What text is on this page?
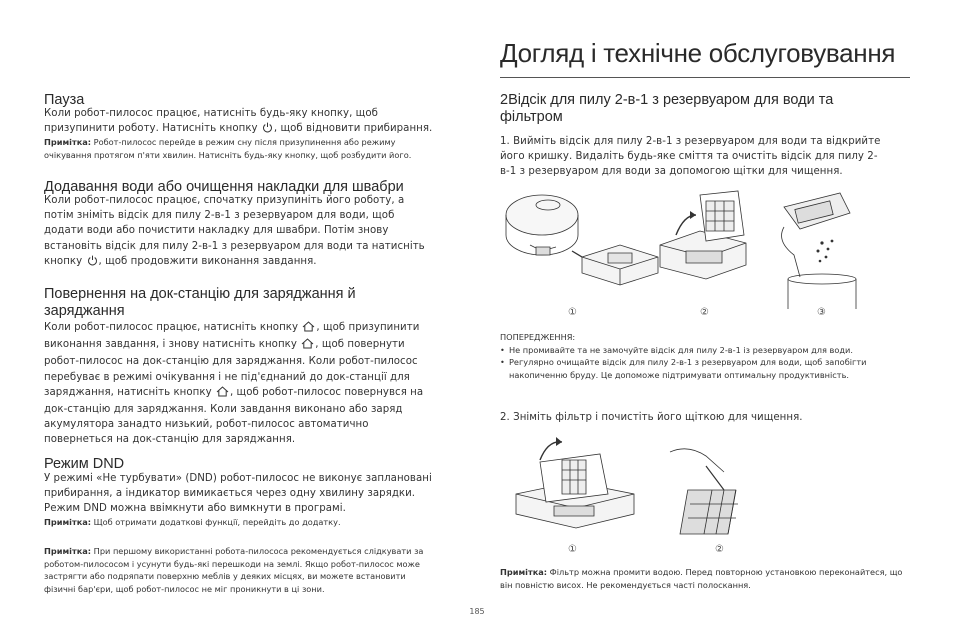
Догляд і технічне обслуговування
Пауза
Коли робот-пилосос працює, натисніть будь-яку кнопку, щоб призупинити роботу. Натисніть кнопку , щоб відновити прибирання.
Примітка: Робот-пилосос перейде в режим сну після призупинення або режиму очікування протягом п'яти хвилин. Натисніть будь-яку кнопку, щоб розбудити його.
Додавання води або очищення накладки для швабри
Коли робот-пилосос працює, спочатку призупиніть його роботу, а потім зніміть відсік для пилу 2-в-1 з резервуаром для води, щоб додати води або почистити накладку для швабри. Потім знову встановіть відсік для пилу 2-в-1 з резервуаром для води та натисніть кнопку , щоб продовжити виконання завдання.
Повернення на док-станцію для заряджання й заряджання
Коли робот-пилосос працює, натисніть кнопку , щоб призупинити виконання завдання, і знову натисніть кнопку , щоб повернути робот-пилосос на док-станцію для заряджання. Коли робот-пилосос перебуває в режимі очікування і не під'єднаний до док-станції для заряджання, натисніть кнопку , щоб робот-пилосос повернувся на док-станцію для заряджання. Коли завдання виконано або заряд акумулятора занадто низький, робот-пилосос автоматично повернеться на док-станцію для заряджання.
Режим DND
У режимі «Не турбувати» (DND) робот-пилосос не виконує заплановані прибирання, а індикатор вимикається через одну хвилину зарядки. Режим DND можна ввімкнути або вимкнути в програмі.
Примітка: Щоб отримати додаткові функції, перейдіть до додатку.
Примітка: При першому використанні робота-пилососа рекомендується слідкувати за роботом-пилососом і усунути будь-які перешкоди на землі. Якщо робот-пилосос може застрягти або подряпати поверхню меблів у деяких місцях, ви можете встановити фізичні бар'єри, щоб робот-пилосос не міг проникнути в ці зони.
2Відсік для пилу 2-в-1 з резервуаром для води та фільтром
1. Вийміть відсік для пилу 2-в-1 з резервуаром для води та відкрийте його кришку. Видаліть будь-яке сміття та очистіть відсік для пилу 2-в-1 з резервуаром для води за допомогою щітки для чищення.
①	②	③
ПОПЕРЕДЖЕННЯ:
• Не промивайте та не замочуйте відсік для пилу 2-в-1 із резервуаром для води.
• Регулярно очищайте відсік для пилу 2-в-1 з резервуаром для води, щоб запобігти накопиченню бруду. Це допоможе підтримувати оптимальну продуктивність.
2. Зніміть фільтр і почистіть його щіткою для чищення.
①	②
Примітка: Фільтр можна промити водою. Перед повторною установкою переконайтеся, що він повністю висох. Не рекомендується часті полоскання.
185
